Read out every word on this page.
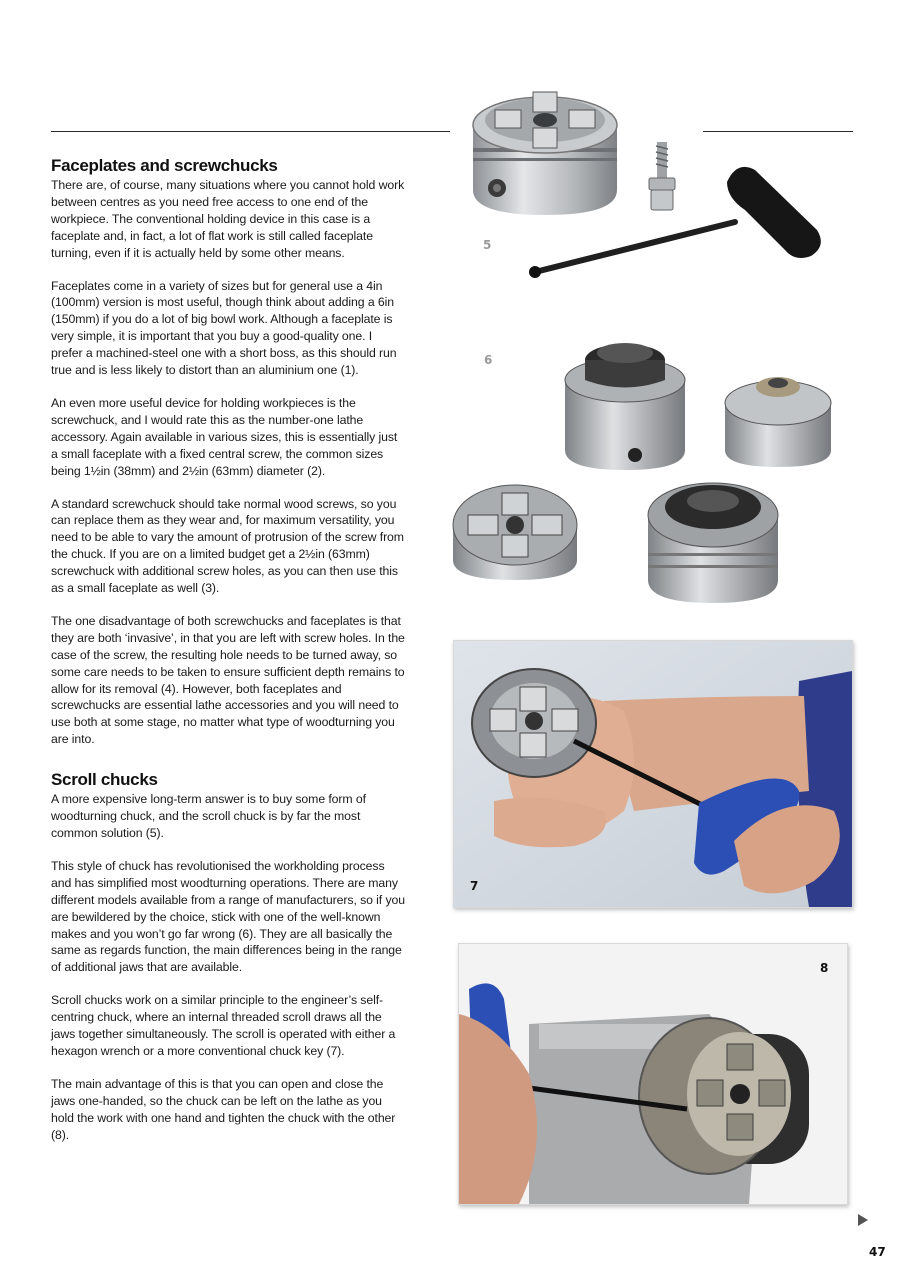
Faceplates and screwchucks

There are, of course, many situations where you cannot hold work between centres as you need free access to one end of the workpiece. The conventional holding device in this case is a faceplate and, in fact, a lot of flat work is still called faceplate turning, even if it is actually held by some other means.

Faceplates come in a variety of sizes but for general use a 4in (100mm) version is most useful, though think about adding a 6in (150mm) if you do a lot of big bowl work. Although a faceplate is very simple, it is important that you buy a good-quality one. I prefer a machined-steel one with a short boss, as this should run true and is less likely to distort than an aluminium one (1).

An even more useful device for holding workpieces is the screwchuck, and I would rate this as the number-one lathe accessory. Again available in various sizes, this is essentially just a small faceplate with a fixed central screw, the common sizes being 1½in (38mm) and 2½in (63mm) diameter (2).

A standard screwchuck should take normal wood screws, so you can replace them as they wear and, for maximum versatility, you need to be able to vary the amount of protrusion of the screw from the chuck. If you are on a limited budget get a 2½in (63mm) screwchuck with additional screw holes, as you can then use this as a small faceplate as well (3).

The one disadvantage of both screwchucks and faceplates is that they are both ‘invasive’, in that you are left with screw holes. In the case of the screw, the resulting hole needs to be turned away, so some care needs to be taken to ensure sufficient depth remains to allow for its removal (4). However, both faceplates and screwchucks are essential lathe accessories and you will need to use both at some stage, no matter what type of woodturning you are into.

Scroll chucks

A more expensive long-term answer is to buy some form of woodturning chuck, and the scroll chuck is by far the most common solution (5).

This style of chuck has revolutionised the workholding process and has simplified most woodturning operations. There are many different models available from a range of manufacturers, so if you are bewildered by the choice, stick with one of the well-known makes and you won’t go far wrong (6). They are all basically the same as regards function, the main differences being in the range of additional jaws that are available.

Scroll chucks work on a similar principle to the engineer’s self-centring chuck, where an internal threaded scroll draws all the jaws together simultaneously. The scroll is operated with either a hexagon wrench or a more conventional chuck key (7).

The main advantage of this is that you can open and close the jaws one-handed, so the chuck can be left on the lathe as you hold the work with one hand and tighten the chuck with the other (8).

5
6
7
8
47
